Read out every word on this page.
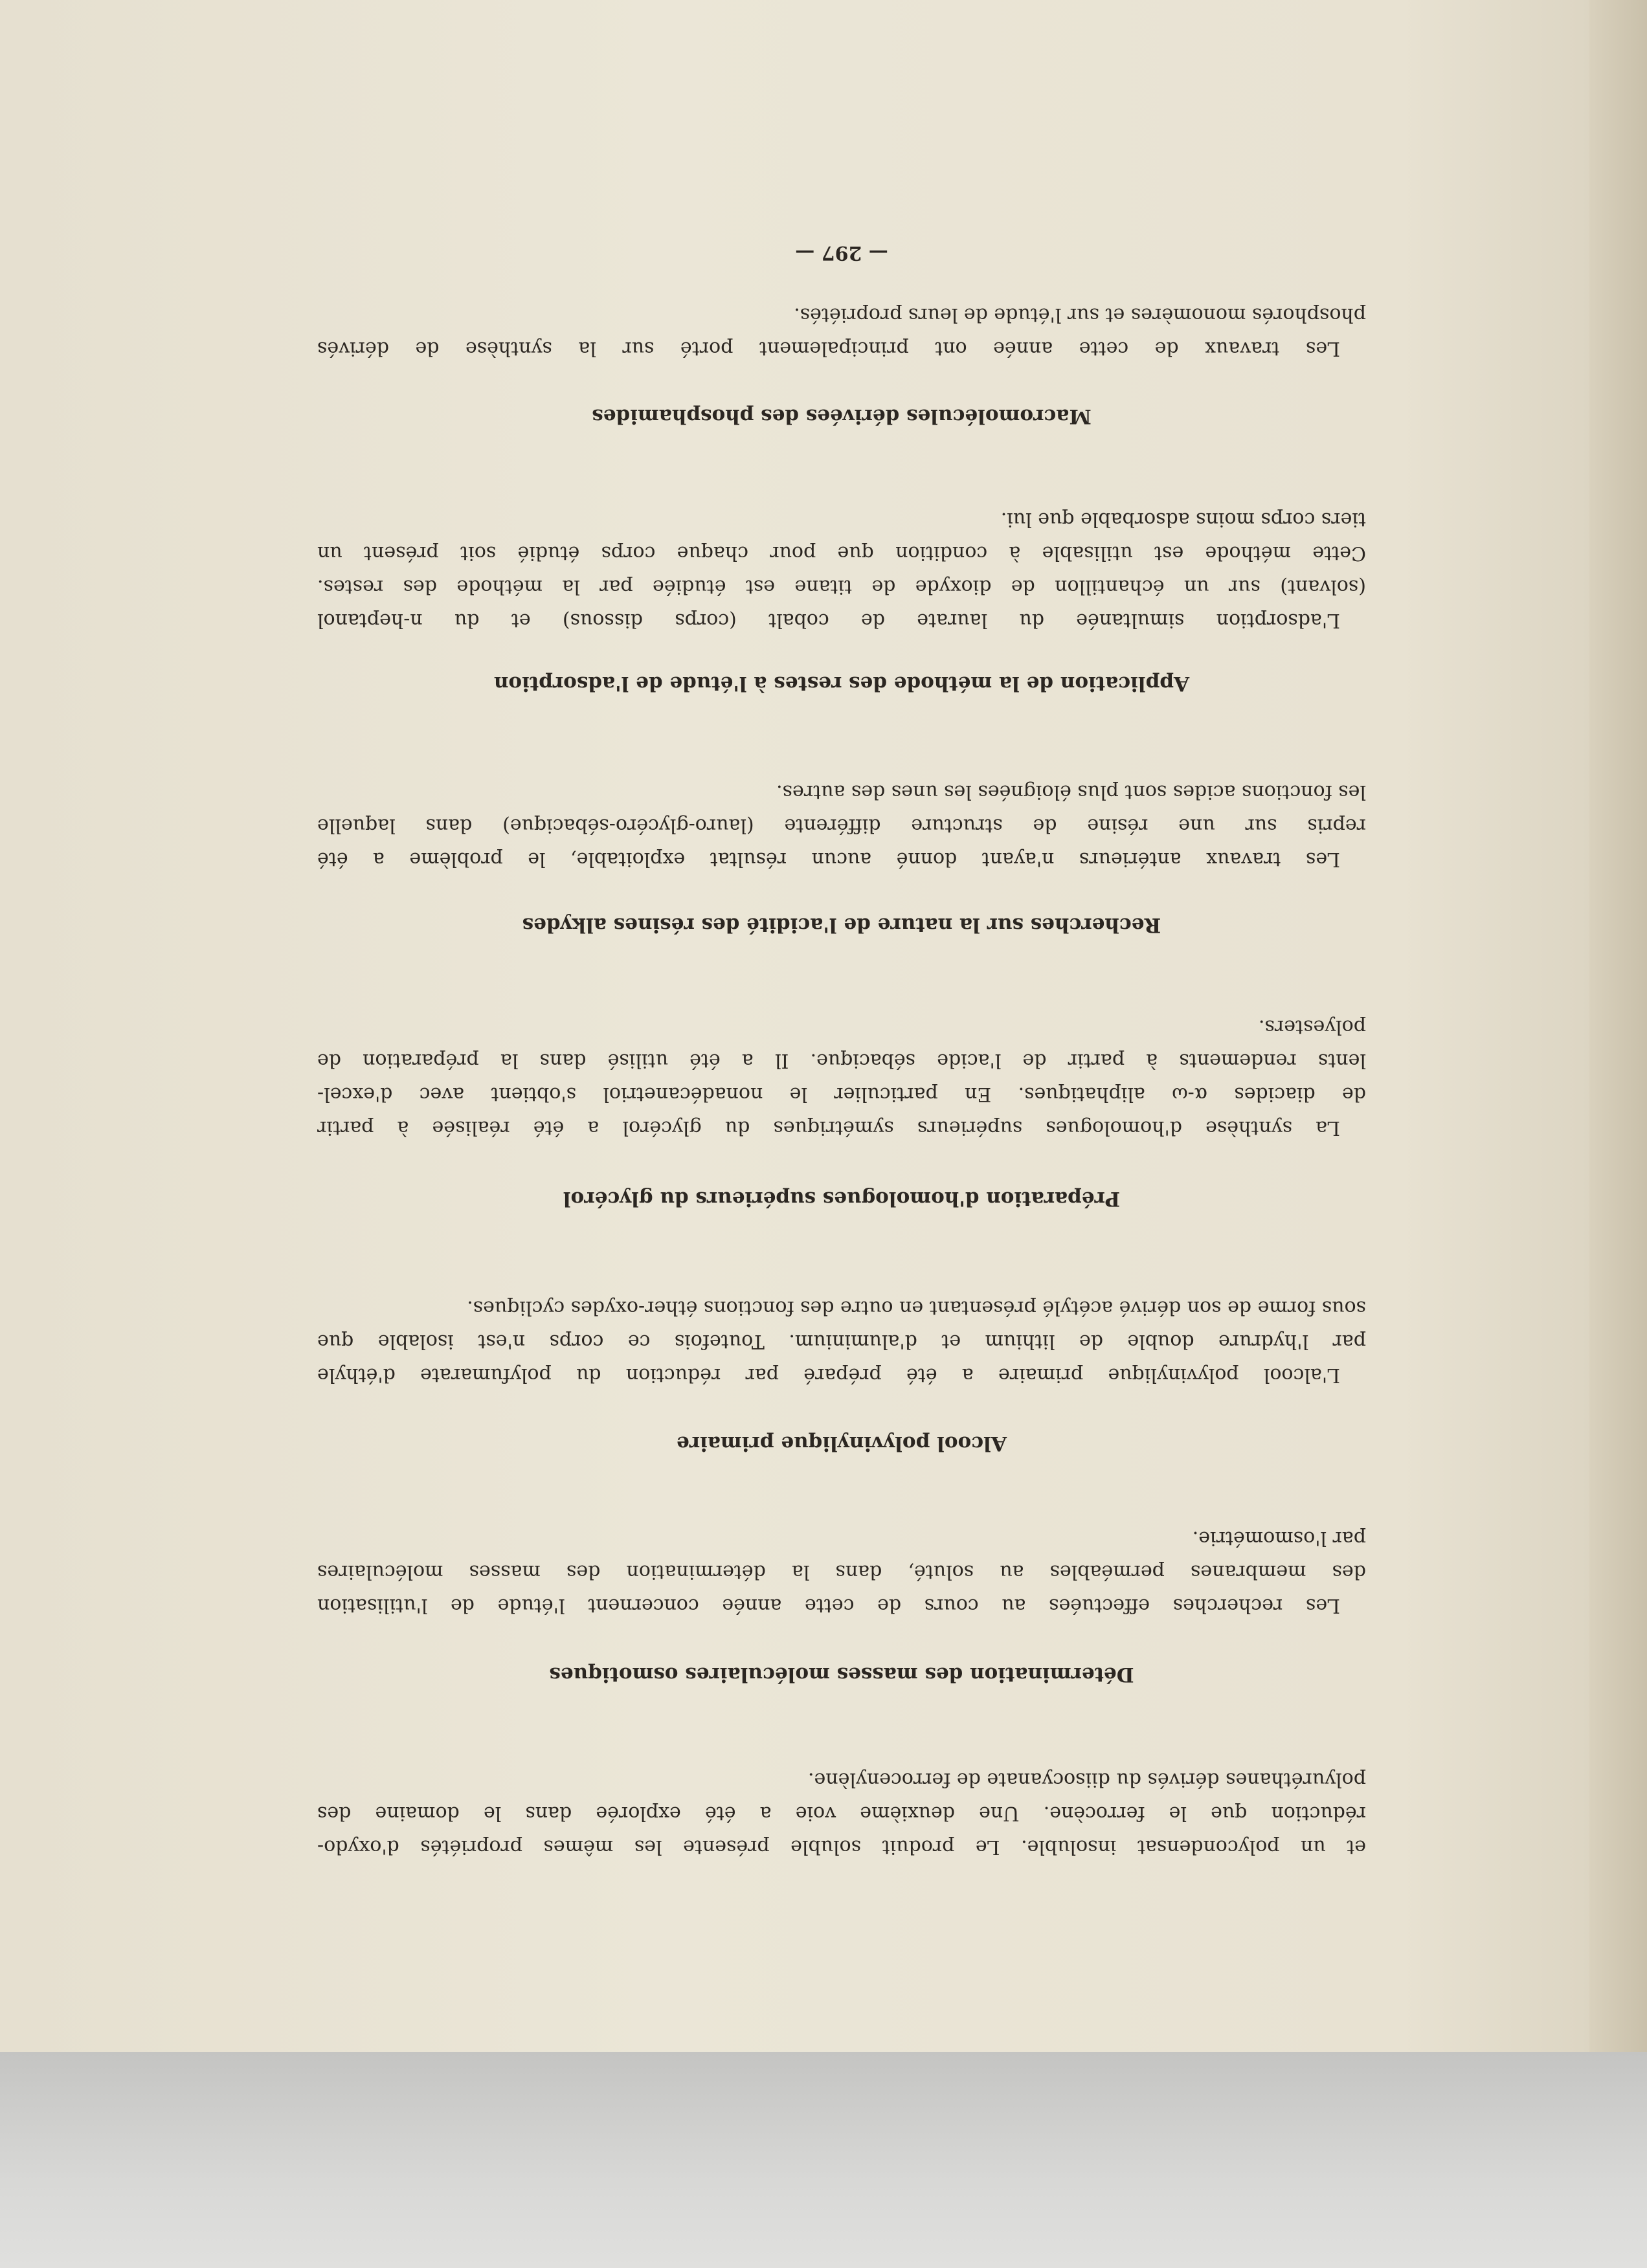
et un polycondensat insoluble. Le produit soluble présente les mêmes propriétés d'oxydo-
réduction que le ferrocène. Une deuxième voie a été explorée dans le domaine des
polyuréthanes dérivés du diisocyanate de ferrocenylène.
Détermination des masses moléculaires osmotiques
Les recherches effectuées au cours de cette année concernent l'étude de l'utilisation
des membranes perméables au soluté, dans la détermination des masses moléculaires
par l'osmométrie.
Alcool polyvinylique primaire
L'alcool polyvinylique primaire a été préparé par réduction du polyfumarate d'éthyle
par l'hydrure double de lithium et d'aluminium. Toutefois ce corps n'est isolable que
sous forme de son dérivé acétylé présentant en outre des fonctions éther-oxydes cycliques.
Préparation d'homologues supérieurs du glycérol
La synthèse d'homologues supérieurs symétriques du glycérol a été réalisée à partir
de diacides α-ω aliphatiques. En particulier le nonadécanetriol s'obtient avec d'excel-
lents rendements à partir de l'acide sébacique. Il a été utilisé dans la préparation de
polyesters.
Recherches sur la nature de l'acidité des résines alkydes
Les travaux antérieurs n'ayant donné aucun résultat exploitable, le problème a été
repris sur une résine de structure différente (lauro-glycéro-sébacique) dans laquelle
les fonctions acides sont plus éloignées les unes des autres.
Application de la méthode des restes à l'étude de l'adsorption
L'adsorption simultanée du laurate de cobalt (corps dissous) et du n-heptanol
(solvant) sur un échantillon de dioxyde de titane est étudiée par la méthode des restes.
Cette méthode est utilisable à condition que pour chaque corps étudié soit présent un
tiers corps moins adsorbable que lui.
Macromolécules dérivées des phosphamides
Les travaux de cette année ont principalement porté sur la synthèse de dérivés
phosphorés monomères et sur l'étude de leurs propriétés.
— 297 —
